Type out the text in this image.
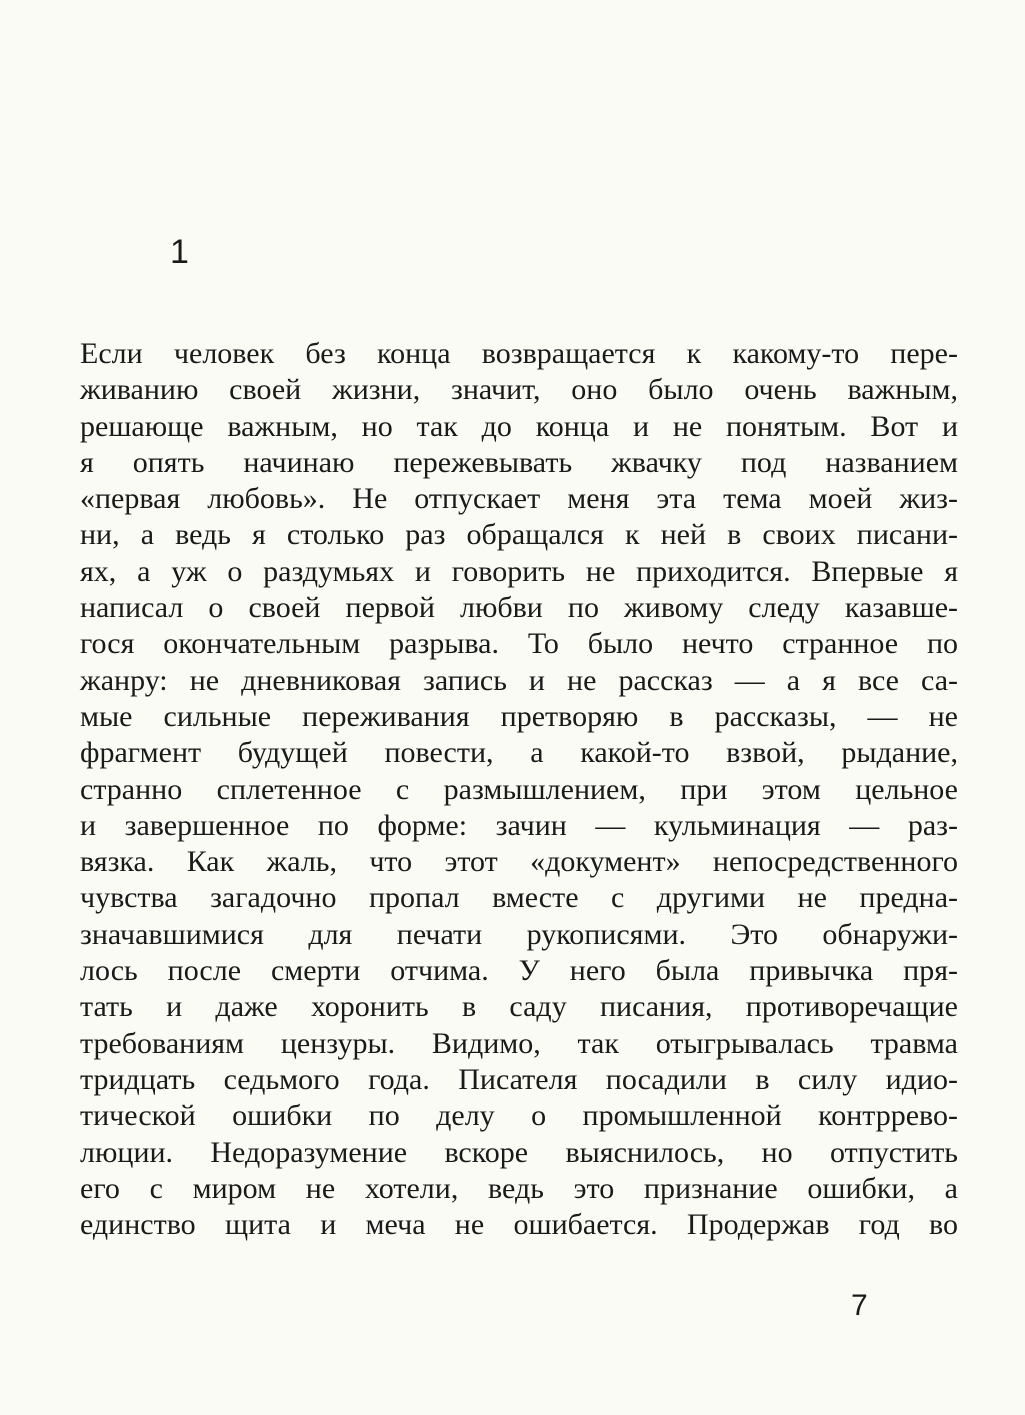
1
Если человек без конца возвращается к какому-то пере-
живанию своей жизни, значит, оно было очень важным,
решающе важным, но так до конца и не понятым. Вот и
я опять начинаю пережевывать жвачку под названием
«первая любовь». Не отпускает меня эта тема моей жиз-
ни, а ведь я столько раз обращался к ней в своих писани-
ях, а уж о раздумьях и говорить не приходится. Впервые я
написал о своей первой любви по живому следу казавше-
гося окончательным разрыва. То было нечто странное по
жанру: не дневниковая запись и не рассказ — а я все са-
мые сильные переживания претворяю в рассказы, — не
фрагмент будущей повести, а какой-то взвой, рыдание,
странно сплетенное с размышлением, при этом цельное
и завершенное по форме: зачин — кульминация — раз-
вязка. Как жаль, что этот «документ» непосредственного
чувства загадочно пропал вместе с другими не предна-
значавшимися для печати рукописями. Это обнаружи-
лось после смерти отчима. У него была привычка пря-
тать и даже хоронить в саду писания, противоречащие
требованиям цензуры. Видимо, так отыгрывалась травма
тридцать седьмого года. Писателя посадили в силу идио-
тической ошибки по делу о промышленной контррево-
люции. Недоразумение вскоре выяснилось, но отпустить
его с миром не хотели, ведь это признание ошибки, а
единство щита и меча не ошибается. Продержав год во
7
